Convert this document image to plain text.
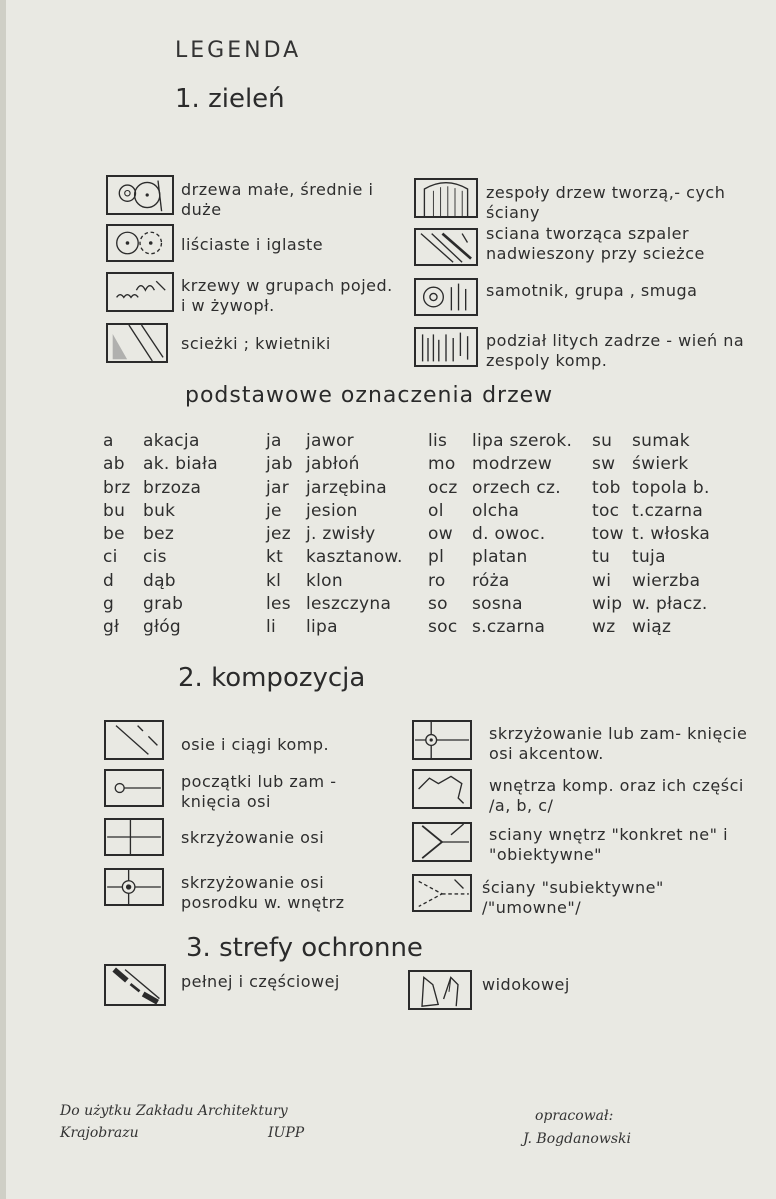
LEGENDA
1. zieleń
drzewa małe, średnie i duże
liściaste i iglaste
krzewy w grupach pojed. i w żywopł.
scieżki ; kwietniki
zespoły drzew tworzą,- cych ściany
sciana tworząca szpaler nadwieszony przy scieżce
samotnik, grupa , smuga
podział litych zadrze - wień na zespoly komp.
podstawowe oznaczenia drzew
a akacja
ab ak. biała
brz brzoza
bu buk
be bez
ci cis
d dąb
g grab
gł głóg
ja jawor
jab jabłoń
jar jarzębina
je jesion
jez j. zwisły
kt kasztanow.
kl klon
les leszczyna
li lipa
lis lipa szerok.
mo modrzew
ocz orzech cz.
ol olcha
ow d. owoc.
pl platan
ro róża
so sosna
soc s.czarna
su sumak
sw świerk
tob topola b.
toc t.czarna
tow t. włoska
tu tuja
wi wierzba
wip w. płacz.
wz wiąz
2. kompozycja
osie i ciągi komp.
początki lub zam - knięcia osi
skrzyżowanie osi
skrzyżowanie osi posrodku w. wnętrz
skrzyżowanie lub zam- knięcie osi akcentow.
wnętrza komp. oraz ich części /a, b, c/
sciany wnętrz "konkret ne" i "obiektywne"
ściany "subiektywne" /"umowne"/
3. strefy ochronne
pełnej i częściowej	widokowej
Do użytku Zakładu Architektury
Krajobrazu	IUPP
opracował:
J. Bogdanowski
